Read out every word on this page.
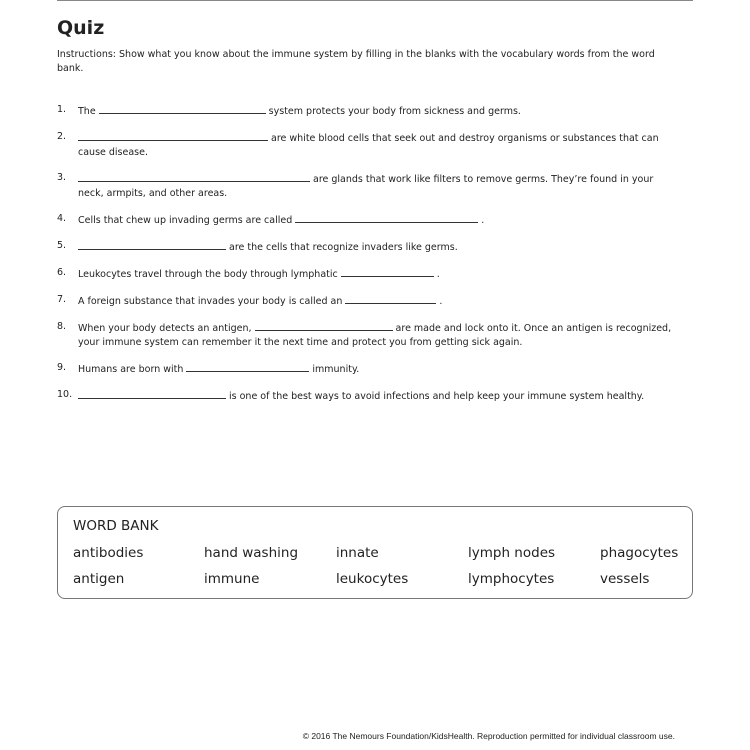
Quiz
Instructions: Show what you know about the immune system by filling in the blanks with the vocabulary words from the word bank.
1. The	system protects your body from sickness and germs.
2.	are white blood cells that seek out and destroy organisms or substances that can
cause disease.
3.	are glands that work like filters to remove germs. They’re found in your
neck, armpits, and other areas.
4. Cells that chew up invading germs are called	.
5.	are the cells that recognize invaders like germs.
6. Leukocytes travel through the body through lymphatic	.
7. A foreign substance that invades your body is called an	.
8. When your body detects an antigen,	are made and lock onto it. Once an antigen is recognized,
your immune system can remember it the next time and protect you from getting sick again.
9. Humans are born with	immunity.
10.	is one of the best ways to avoid infections and help keep your immune system healthy.
WORD BANK
antibodies	hand washing	innate	lymph nodes	phagocytes
antigen	immune	leukocytes	lymphocytes	vessels
© 2016 The Nemours Foundation/KidsHealth. Reproduction permitted for individual classroom use.
